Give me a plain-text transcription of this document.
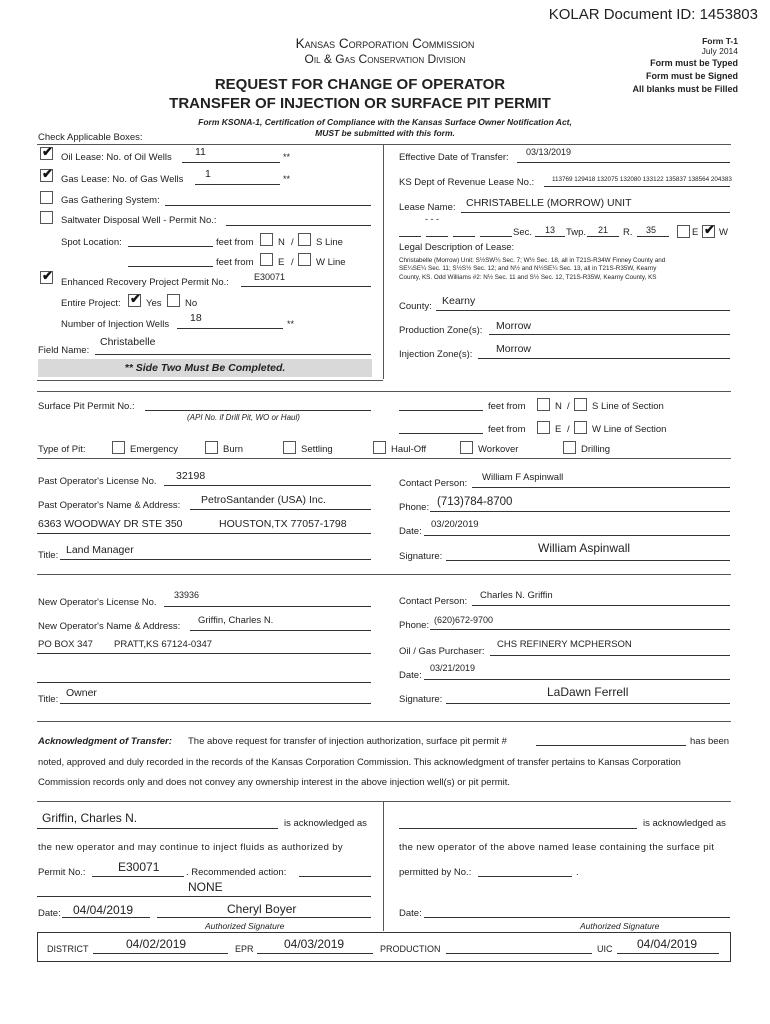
KOLAR Document ID: 1453803
Kansas Corporation Commission
Oil & Gas Conservation Division
REQUEST FOR CHANGE OF OPERATOR
TRANSFER OF INJECTION OR SURFACE PIT PERMIT
Form T-1
July 2014
Form must be Typed
Form must be Signed
All blanks must be Filled
Form KSONA-1, Certification of Compliance with the Kansas Surface Owner Notification Act,
MUST be submitted with this form.
Check Applicable Boxes:
✔ Oil Lease: No. of Oil Wells 11	**
✔ Gas Lease: No. of Gas Wells 1	**
Gas Gathering System:
Saltwater Disposal Well - Permit No.:
Spot Location:	feet from	N / S Line
feet from	E / W Line
✔ Enhanced Recovery Project Permit No.:	E30071
Entire Project: ✔ Yes No
Number of Injection Wells
18	**
Field Name:
Christabelle
** Side Two Must Be Completed.
Effective Date of Transfer: 03/13/2019
KS Dept of Revenue Lease No.:	113769 129418 132075 132080 133122 135837 138564 204383
Lease Name: CHRISTABELLE (MORROW) UNIT
- - -
Sec. 13 Twp. 21 R. 35	E ✔ W
Legal Description of Lease:
Christabelle (Morrow) Unit: S½SW¼ Sec. 7; W½ Sec. 18, all in T21S-R34W Finney County and
SE¼SE¼ Sec. 11; S½S½ Sec. 12; and N½ and N½SE¼ Sec. 13, all in T21S-R35W, Kearny
County, KS. Odd Williams #2: N½ Sec. 11 and S½ Sec. 12, T21S-R35W, Kearny County, KS
County: Kearny
Production Zone(s): Morrow
Injection Zone(s): Morrow
Surface Pit Permit No.:
(API No. if Drill Pit, WO or Haul)
feet from	N / S Line of Section
feet from	E / W Line of Section
Type of Pit:	Emergency	Burn	Settling	Haul-Off	Workover	Drilling
Past Operator's License No. 32198
Past Operator's Name & Address: PetroSantander (USA) Inc.
6363 WOODWAY DR STE 350	HOUSTON,TX 77057-1798
Title: Land Manager
Contact Person:
William F Aspinwall
Phone: (713)784-8700
Date:
03/20/2019
Signature:
William Aspinwall
New Operator's License No.
33936
New Operator's Name & Address:
Griffin, Charles N.
PO BOX 347 PRATT,KS 67124-0347
Title:
Owner
Contact Person:
Charles N. Griffin
Phone: (620)672-9700
Oil / Gas Purchaser:
CHS REFINERY MCPHERSON
Date:
03/21/2019
Signature:
LaDawn Ferrell
Acknowledgment of Transfer: The above request for transfer of injection authorization, surface pit permit #	has been
noted, approved and duly recorded in the records of the Kansas Corporation Commission. This acknowledgment of transfer pertains to Kansas Corporation
Commission records only and does not convey any ownership interest in the above injection well(s) or pit permit.
Griffin, Charles N.	is acknowledged as	is acknowledged as
the new operator and may continue to inject fluids as authorized by	the new operator of the above named lease containing the surface pit
Permit No.:	E30071	. Recommended action:
NONE
permitted by No.:	.
Date: 04/04/2019	Cheryl Boyer
Authorized Signature
Date:
Authorized Signature
DISTRICT	04/02/2019	EPR	04/03/2019	PRODUCTION	UIC 04/04/2019
